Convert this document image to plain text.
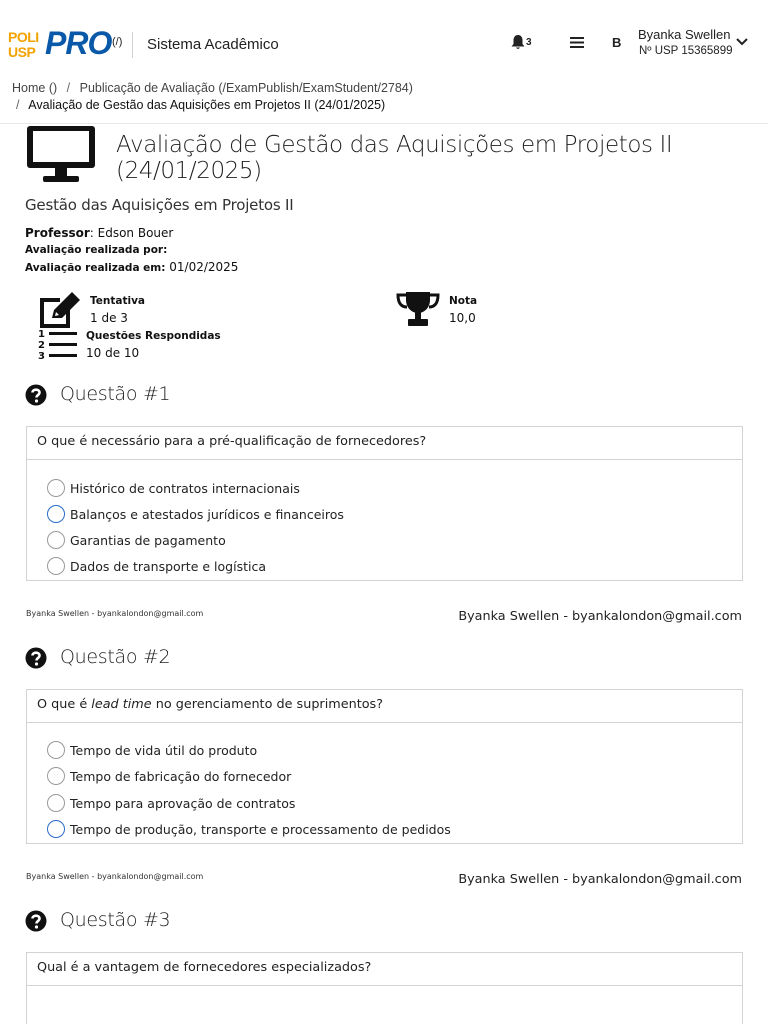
POLI
USP PRO (/) Sistema Acadêmico	3	B
Byanka Swellen
Nº USP 15365899
Home () / Publicação de Avaliação (/ExamPublish/ExamStudent/2784)
/ Avaliação de Gestão das Aquisições em Projetos II (24/01/2025)
Avaliação de Gestão das Aquisições em Projetos II (24/01/2025)
Gestão das Aquisições em Projetos II
Professor: Edson Bouer
Avaliação realizada por:
Avaliação realizada em: 01/02/2025
Tentativa
1 de 3
Nota
10,0
1
2
3
Questões Respondidas
10 de 10
Questão #1
O que é necessário para a pré-qualificação de fornecedores?
Histórico de contratos internacionais
Balanços e atestados jurídicos e financeiros
Garantias de pagamento
Dados de transporte e logística
Byanka Swellen - byankalondon@gmail.com	Byanka Swellen - byankalondon@gmail.com
Questão #2
O que é lead time no gerenciamento de suprimentos?
Tempo de vida útil do produto
Tempo de fabricação do fornecedor
Tempo para aprovação de contratos
Tempo de produção, transporte e processamento de pedidos
Byanka Swellen - byankalondon@gmail.com	Byanka Swellen - byankalondon@gmail.com
Questão #3
Qual é a vantagem de fornecedores especializados?
